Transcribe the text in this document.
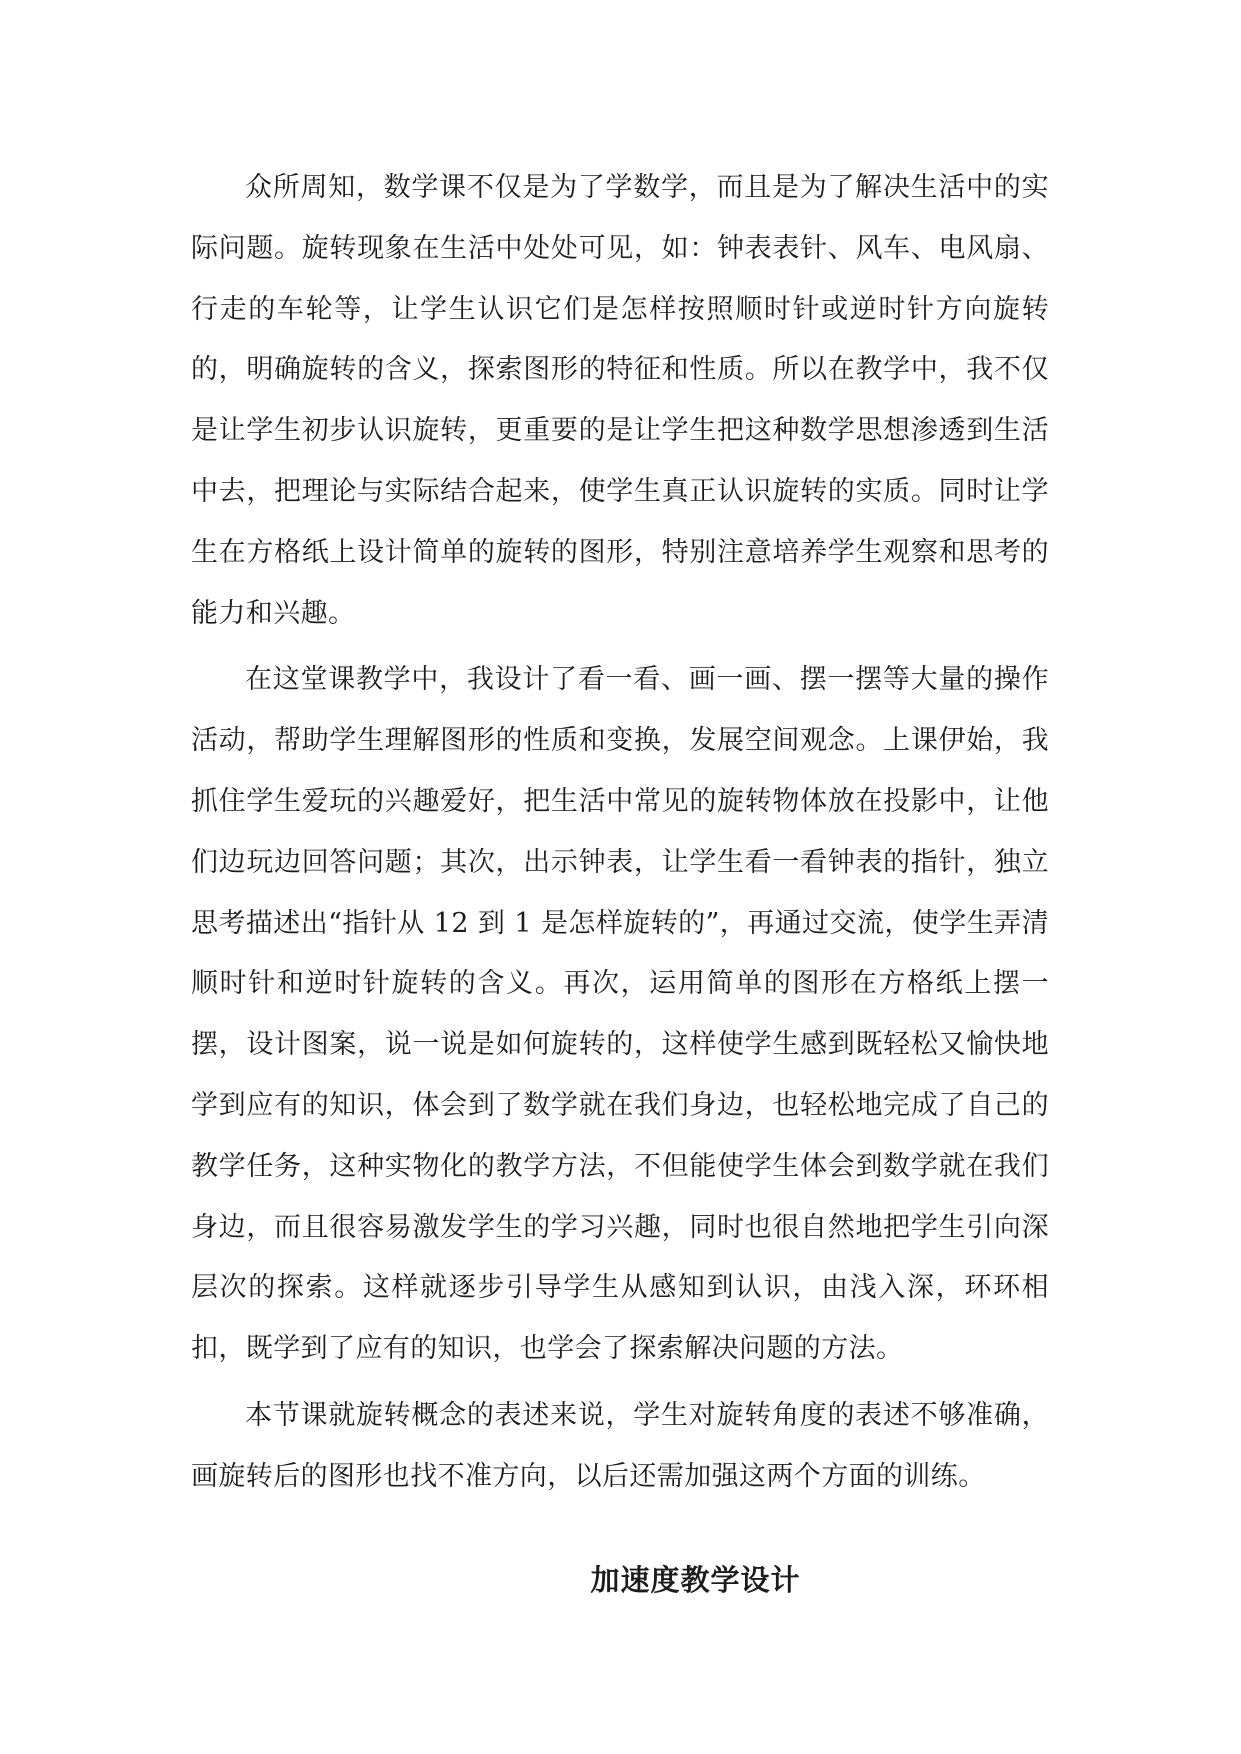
众所周知，数学课不仅是为了学数学，而且是为了解决生活中的实际问题。旋转现象在生活中处处可见，如：钟表表针、风车、电风扇、行走的车轮等，让学生认识它们是怎样按照顺时针或逆时针方向旋转的，明确旋转的含义，探索图形的特征和性质。所以在教学中，我不仅是让学生初步认识旋转，更重要的是让学生把这种数学思想渗透到生活中去，把理论与实际结合起来，使学生真正认识旋转的实质。同时让学生在方格纸上设计简单的旋转的图形，特别注意培养学生观察和思考的能力和兴趣。

在这堂课教学中，我设计了看一看、画一画、摆一摆等大量的操作活动，帮助学生理解图形的性质和变换，发展空间观念。上课伊始，我抓住学生爱玩的兴趣爱好，把生活中常见的旋转物体放在投影中，让他们边玩边回答问题；其次，出示钟表，让学生看一看钟表的指针，独立思考描述出“指针从 12 到 1 是怎样旋转的”，再通过交流，使学生弄清顺时针和逆时针旋转的含义。再次，运用简单的图形在方格纸上摆一摆，设计图案，说一说是如何旋转的，这样使学生感到既轻松又愉快地学到应有的知识，体会到了数学就在我们身边，也轻松地完成了自己的教学任务，这种实物化的教学方法，不但能使学生体会到数学就在我们身边，而且很容易激发学生的学习兴趣，同时也很自然地把学生引向深层次的探索。这样就逐步引导学生从感知到认识，由浅入深，环环相扣，既学到了应有的知识，也学会了探索解决问题的方法。

本节课就旋转概念的表述来说，学生对旋转角度的表述不够准确，画旋转后的图形也找不准方向，以后还需加强这两个方面的训练。

加速度教学设计
